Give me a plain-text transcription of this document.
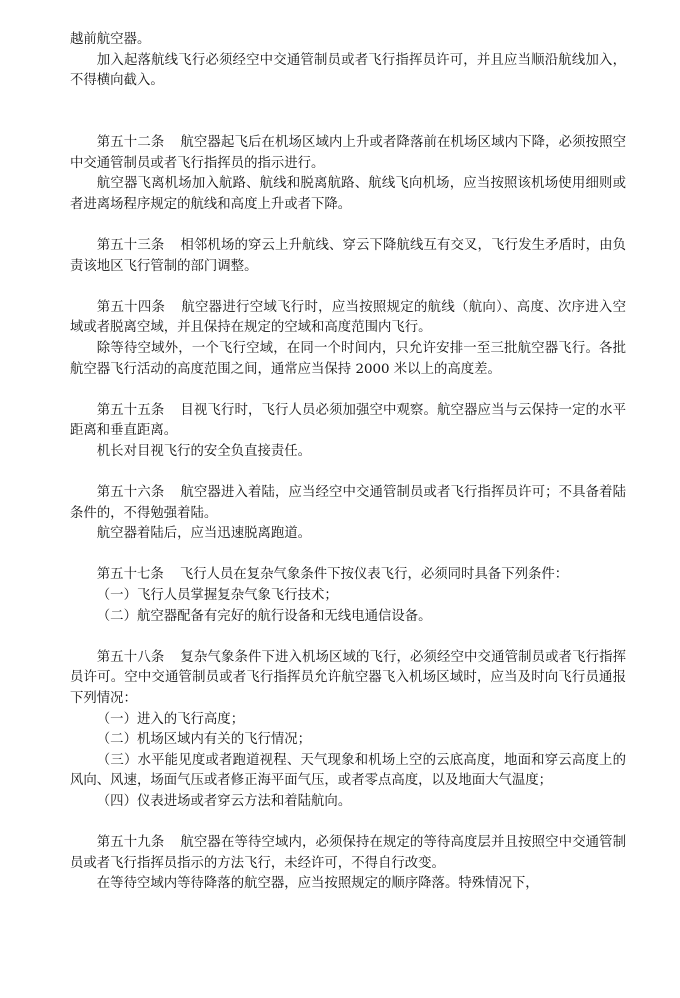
越前航空器。
加入起落航线飞行必须经空中交通管制员或者飞行指挥员许可，并且应当顺沿航线加入，不得横向截入。
第五十二条 航空器起飞后在机场区域内上升或者降落前在机场区域内下降，必须按照空中交通管制员或者飞行指挥员的指示进行。
航空器飞离机场加入航路、航线和脱离航路、航线飞向机场，应当按照该机场使用细则或者进离场程序规定的航线和高度上升或者下降。
第五十三条 相邻机场的穿云上升航线、穿云下降航线互有交叉，飞行发生矛盾时，由负责该地区飞行管制的部门调整。
第五十四条 航空器进行空域飞行时，应当按照规定的航线（航向）、高度、次序进入空域或者脱离空域，并且保持在规定的空域和高度范围内飞行。
除等待空域外，一个飞行空域，在同一个时间内，只允许安排一至三批航空器飞行。各批航空器飞行活动的高度范围之间，通常应当保持 2000 米以上的高度差。
第五十五条 目视飞行时，飞行人员必须加强空中观察。航空器应当与云保持一定的水平距离和垂直距离。
机长对目视飞行的安全负直接责任。
第五十六条 航空器进入着陆，应当经空中交通管制员或者飞行指挥员许可；不具备着陆条件的，不得勉强着陆。
航空器着陆后，应当迅速脱离跑道。
第五十七条 飞行人员在复杂气象条件下按仪表飞行，必须同时具备下列条件：
（一）飞行人员掌握复杂气象飞行技术；
（二）航空器配备有完好的航行设备和无线电通信设备。
第五十八条 复杂气象条件下进入机场区域的飞行，必须经空中交通管制员或者飞行指挥员许可。空中交通管制员或者飞行指挥员允许航空器飞入机场区域时，应当及时向飞行员通报下列情况：
（一）进入的飞行高度；
（二）机场区域内有关的飞行情况；
（三）水平能见度或者跑道视程、天气现象和机场上空的云底高度，地面和穿云高度上的风向、风速，场面气压或者修正海平面气压，或者零点高度，以及地面大气温度；
（四）仪表进场或者穿云方法和着陆航向。
第五十九条 航空器在等待空域内，必须保持在规定的等待高度层并且按照空中交通管制员或者飞行指挥员指示的方法飞行，未经许可，不得自行改变。
在等待空域内等待降落的航空器，应当按照规定的顺序降落。特殊情况下，
